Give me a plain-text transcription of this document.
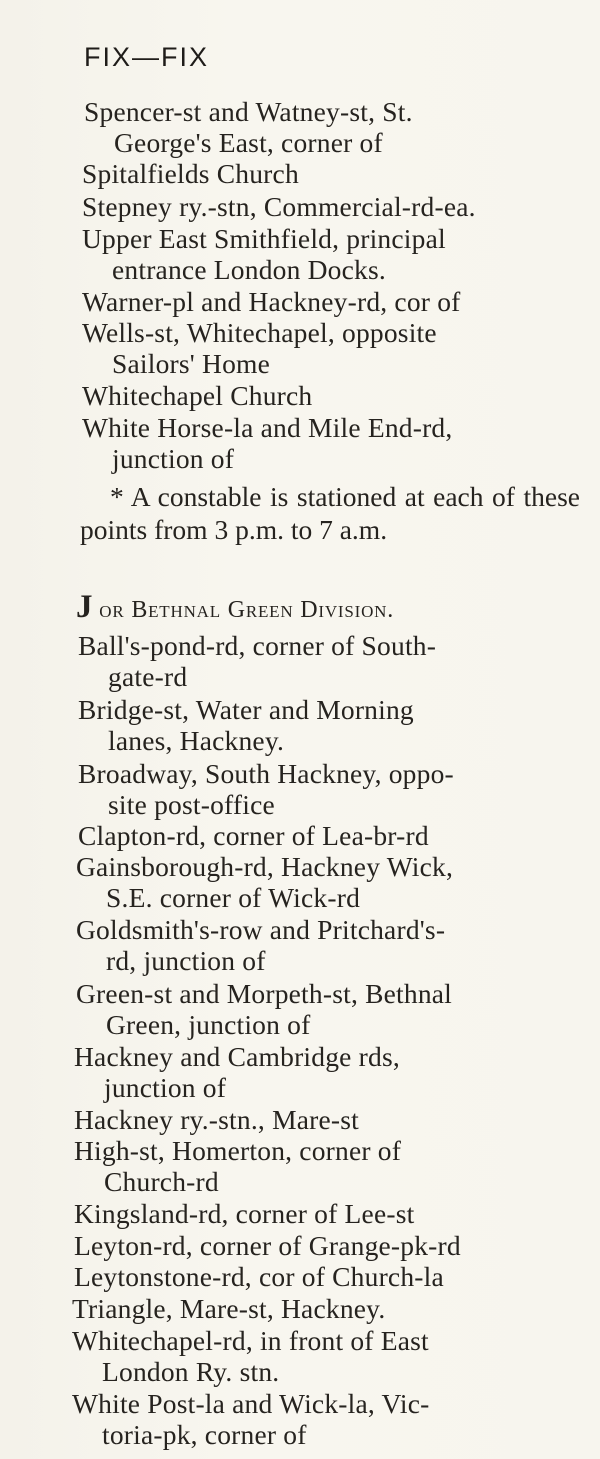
FIX—FIX
Spencer-st and Watney-st, St.
George's East, corner of
Spitalfields Church
Stepney ry.-stn, Commercial-rd-ea.
Upper East Smithfield, principal
entrance London Docks.
Warner-pl and Hackney-rd, cor of
Wells-st, Whitechapel, opposite
Sailors' Home
Whitechapel Church
White Horse-la and Mile End-rd,
junction of
* A constable is stationed at each of these points from 3 p.m. to 7 a.m.
J or Bethnal Green Division.
Ball's-pond-rd, corner of South-
gate-rd
Bridge-st, Water and Morning
lanes, Hackney.
Broadway, South Hackney, oppo-
site post-office
Clapton-rd, corner of Lea-br-rd
Gainsborough-rd, Hackney Wick,
S.E. corner of Wick-rd
Goldsmith's-row and Pritchard's-
rd, junction of
Green-st and Morpeth-st, Bethnal
Green, junction of
Hackney and Cambridge rds,
junction of
Hackney ry.-stn., Mare-st
High-st, Homerton, corner of
Church-rd
Kingsland-rd, corner of Lee-st
Leyton-rd, corner of Grange-pk-rd
Leytonstone-rd, cor of Church-la
Triangle, Mare-st, Hackney.
Whitechapel-rd, in front of East
London Ry. stn.
White Post-la and Wick-la, Vic-
toria-pk, corner of
